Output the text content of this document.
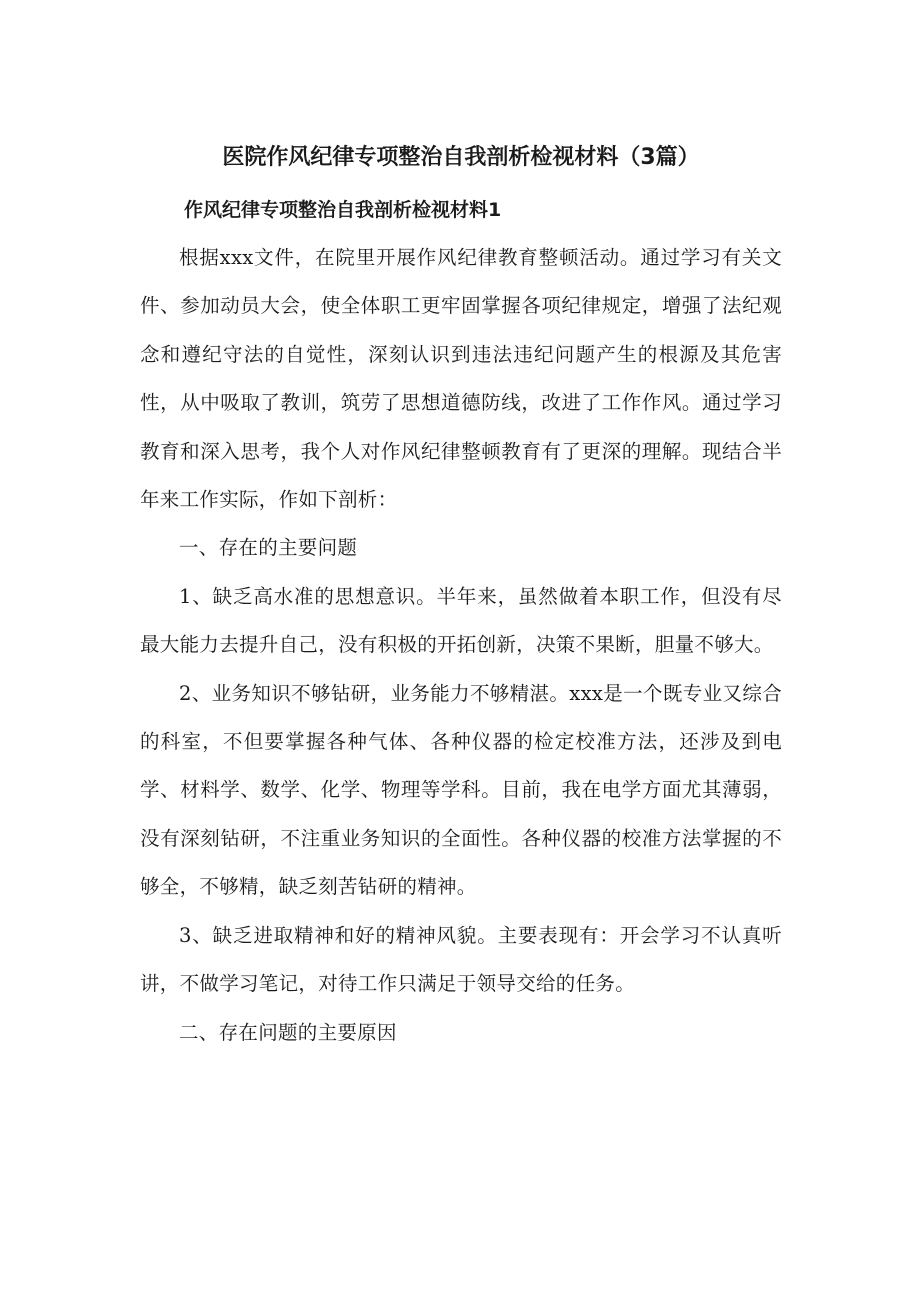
医院作风纪律专项整治自我剖析检视材料（3篇）
作风纪律专项整治自我剖析检视材料1

根据xxx文件，在院里开展作风纪律教育整顿活动。通过学习有关文件、参加动员大会，使全体职工更牢固掌握各项纪律规定，增强了法纪观念和遵纪守法的自觉性，深刻认识到违法违纪问题产生的根源及其危害性，从中吸取了教训，筑劳了思想道德防线，改进了工作作风。通过学习教育和深入思考，我个人对作风纪律整顿教育有了更深的理解。现结合半年来工作实际，作如下剖析：

一、存在的主要问题

1、缺乏高水准的思想意识。半年来，虽然做着本职工作，但没有尽最大能力去提升自己，没有积极的开拓创新，决策不果断，胆量不够大。

2、业务知识不够钻研，业务能力不够精湛。xxx是一个既专业又综合的科室，不但要掌握各种气体、各种仪器的检定校准方法，还涉及到电学、材料学、数学、化学、物理等学科。目前，我在电学方面尤其薄弱，没有深刻钻研，不注重业务知识的全面性。各种仪器的校准方法掌握的不够全，不够精，缺乏刻苦钻研的精神。

3、缺乏进取精神和好的精神风貌。主要表现有：开会学习不认真听讲，不做学习笔记，对待工作只满足于领导交给的任务。

二、存在问题的主要原因
